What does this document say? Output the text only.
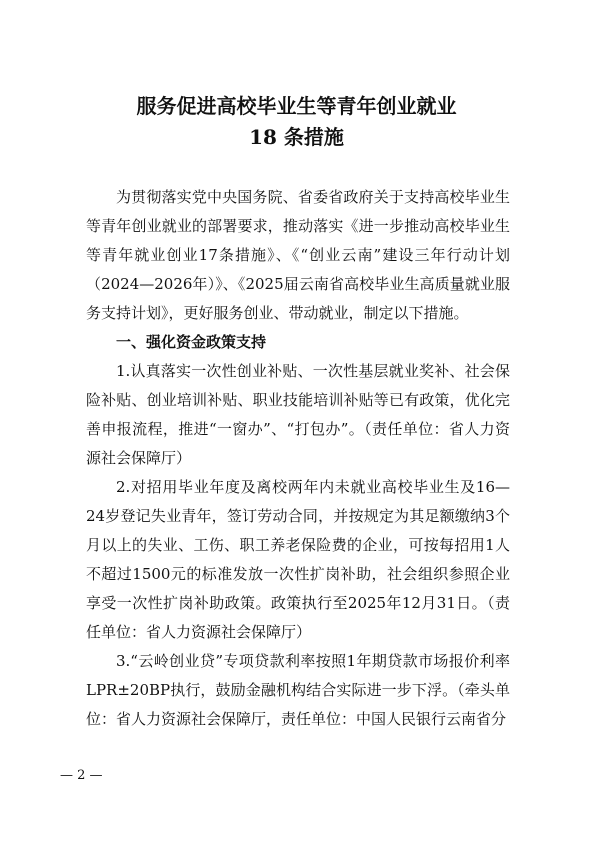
服务促进高校毕业生等青年创业就业
18 条措施

为贯彻落实党中央国务院、省委省政府关于支持高校毕业生等青年创业就业的部署要求，推动落实《进一步推动高校毕业生等青年就业创业17条措施》、《“创业云南”建设三年行动计划（2024—2026年）》、《2025届云南省高校毕业生高质量就业服务支持计划》，更好服务创业、带动就业，制定以下措施。

一、强化资金政策支持

1.认真落实一次性创业补贴、一次性基层就业奖补、社会保险补贴、创业培训补贴、职业技能培训补贴等已有政策，优化完善申报流程，推进“一窗办”、“打包办”。（责任单位：省人力资源社会保障厅）

2.对招用毕业年度及离校两年内未就业高校毕业生及16—24岁登记失业青年，签订劳动合同，并按规定为其足额缴纳3个月以上的失业、工伤、职工养老保险费的企业，可按每招用1人不超过1500元的标准发放一次性扩岗补助，社会组织参照企业享受一次性扩岗补助政策。政策执行至2025年12月31日。（责任单位：省人力资源社会保障厅）

3.“云岭创业贷”专项贷款利率按照1年期贷款市场报价利率LPR±20BP执行，鼓励金融机构结合实际进一步下浮。（牵头单位：省人力资源社会保障厅，责任单位：中国人民银行云南省分

— 2 —
